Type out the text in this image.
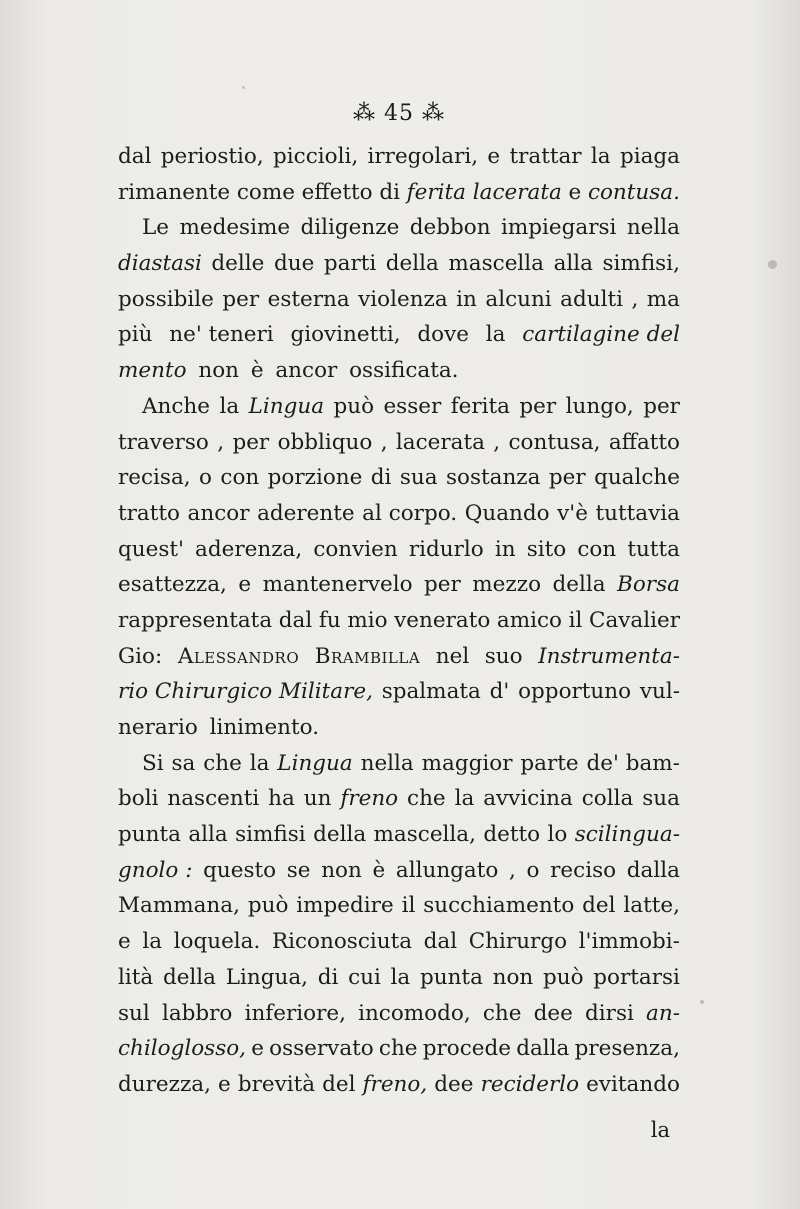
⁂ 45 ⁂
dal periostio, piccioli, irregolari, e trattar la piaga
rimanente come effetto di ferita lacerata e contusa.
Le medesime diligenze debbon impiegarsi nella
diastasi delle due parti della mascella alla simfisi,
possibile per esterna violenza in alcuni adulti , ma
più ne' teneri giovinetti, dove la cartilagine del
mento non è ancor ossificata.
Anche la Lingua può esser ferita per lungo, per
traverso , per obbliquo , lacerata , contusa, affatto
recisa, o con porzione di sua sostanza per qualche
tratto ancor aderente al corpo. Quando v'è tuttavia
quest' aderenza, convien ridurlo in sito con tutta
esattezza, e mantenervelo per mezzo della Borsa
rappresentata dal fu mio venerato amico il Cavalier
Gio: Alessandro Brambilla nel suo Instrumenta-
rio Chirurgico Militare, spalmata d' opportuno vul-
nerario linimento.
Si sa che la Lingua nella maggior parte de' bam-
boli nascenti ha un freno che la avvicina colla sua
punta alla simfisi della mascella, detto lo scilingua-
gnolo : questo se non è allungato , o reciso dalla
Mammana, può impedire il succhiamento del latte,
e la loquela. Riconosciuta dal Chirurgo l'immobi-
lità della Lingua, di cui la punta non può portarsi
sul labbro inferiore, incomodo, che dee dirsi an-
chiloglosso, e osservato che procede dalla presenza,
durezza, e brevità del freno, dee reciderlo evitando
la
